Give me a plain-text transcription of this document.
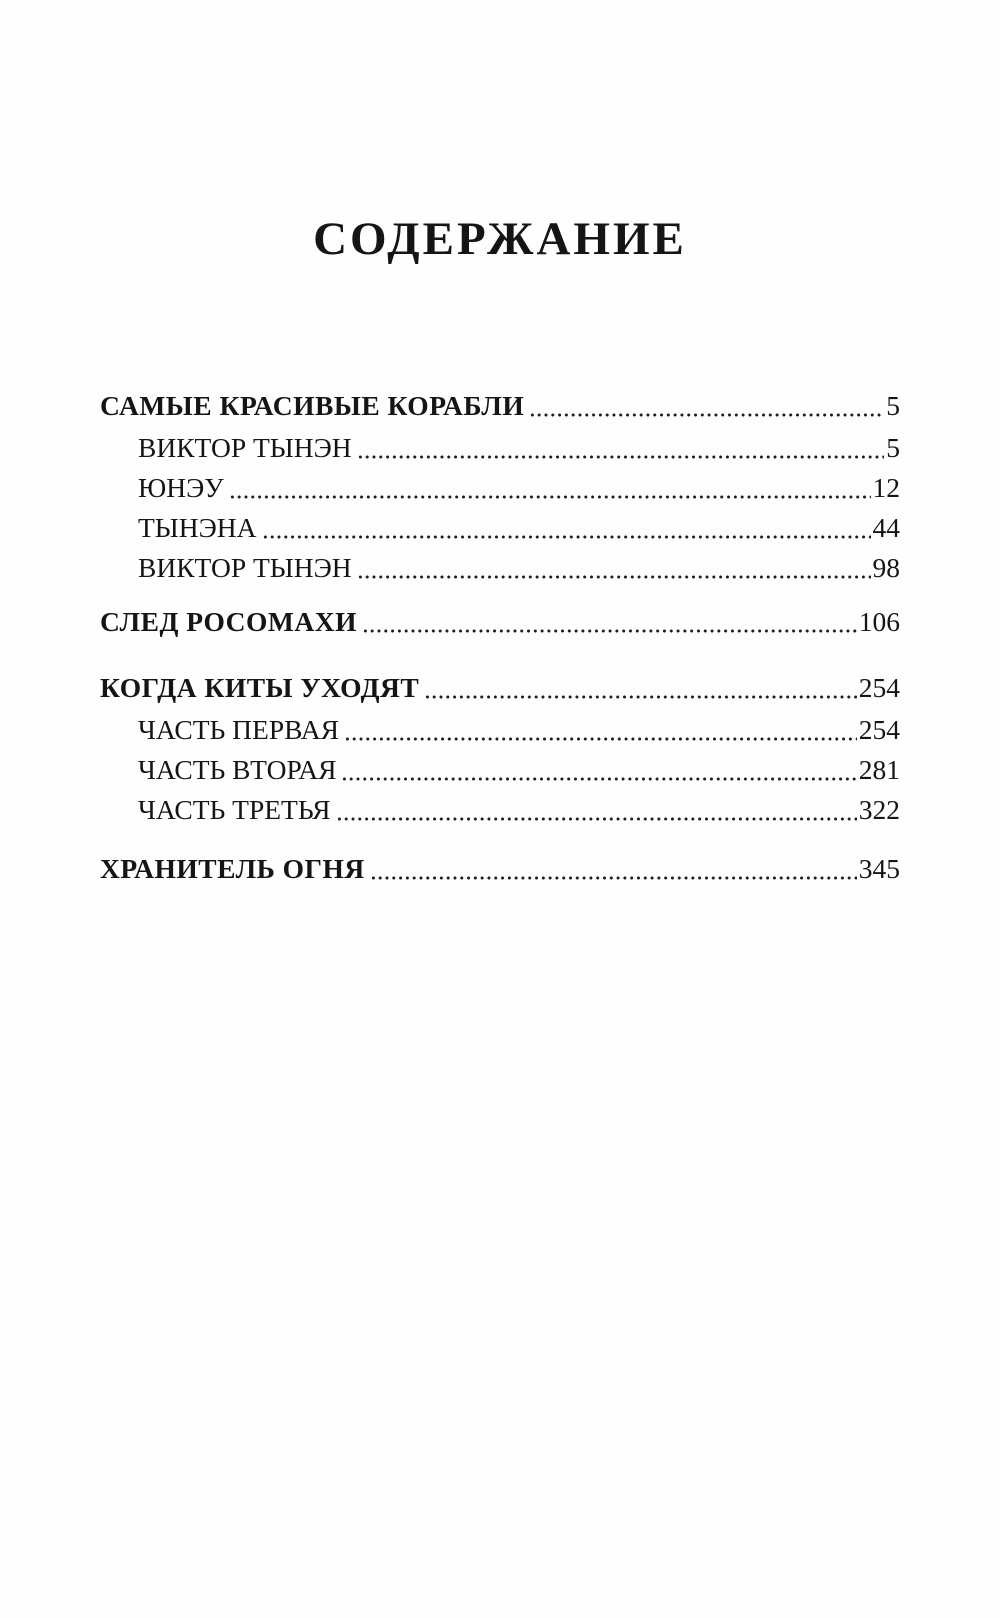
СОДЕРЖАНИЕ
САМЫЕ КРАСИВЫЕ КОРАБЛИ	5
ВИКТОР ТЫНЭН	5
ЮНЭУ	12
ТЫНЭНА	44
ВИКТОР ТЫНЭН	98
СЛЕД РОСОМАХИ	106
КОГДА КИТЫ УХОДЯТ	254
ЧАСТЬ ПЕРВАЯ	254
ЧАСТЬ ВТОРАЯ	281
ЧАСТЬ ТРЕТЬЯ	322
ХРАНИТЕЛЬ ОГНЯ	345
